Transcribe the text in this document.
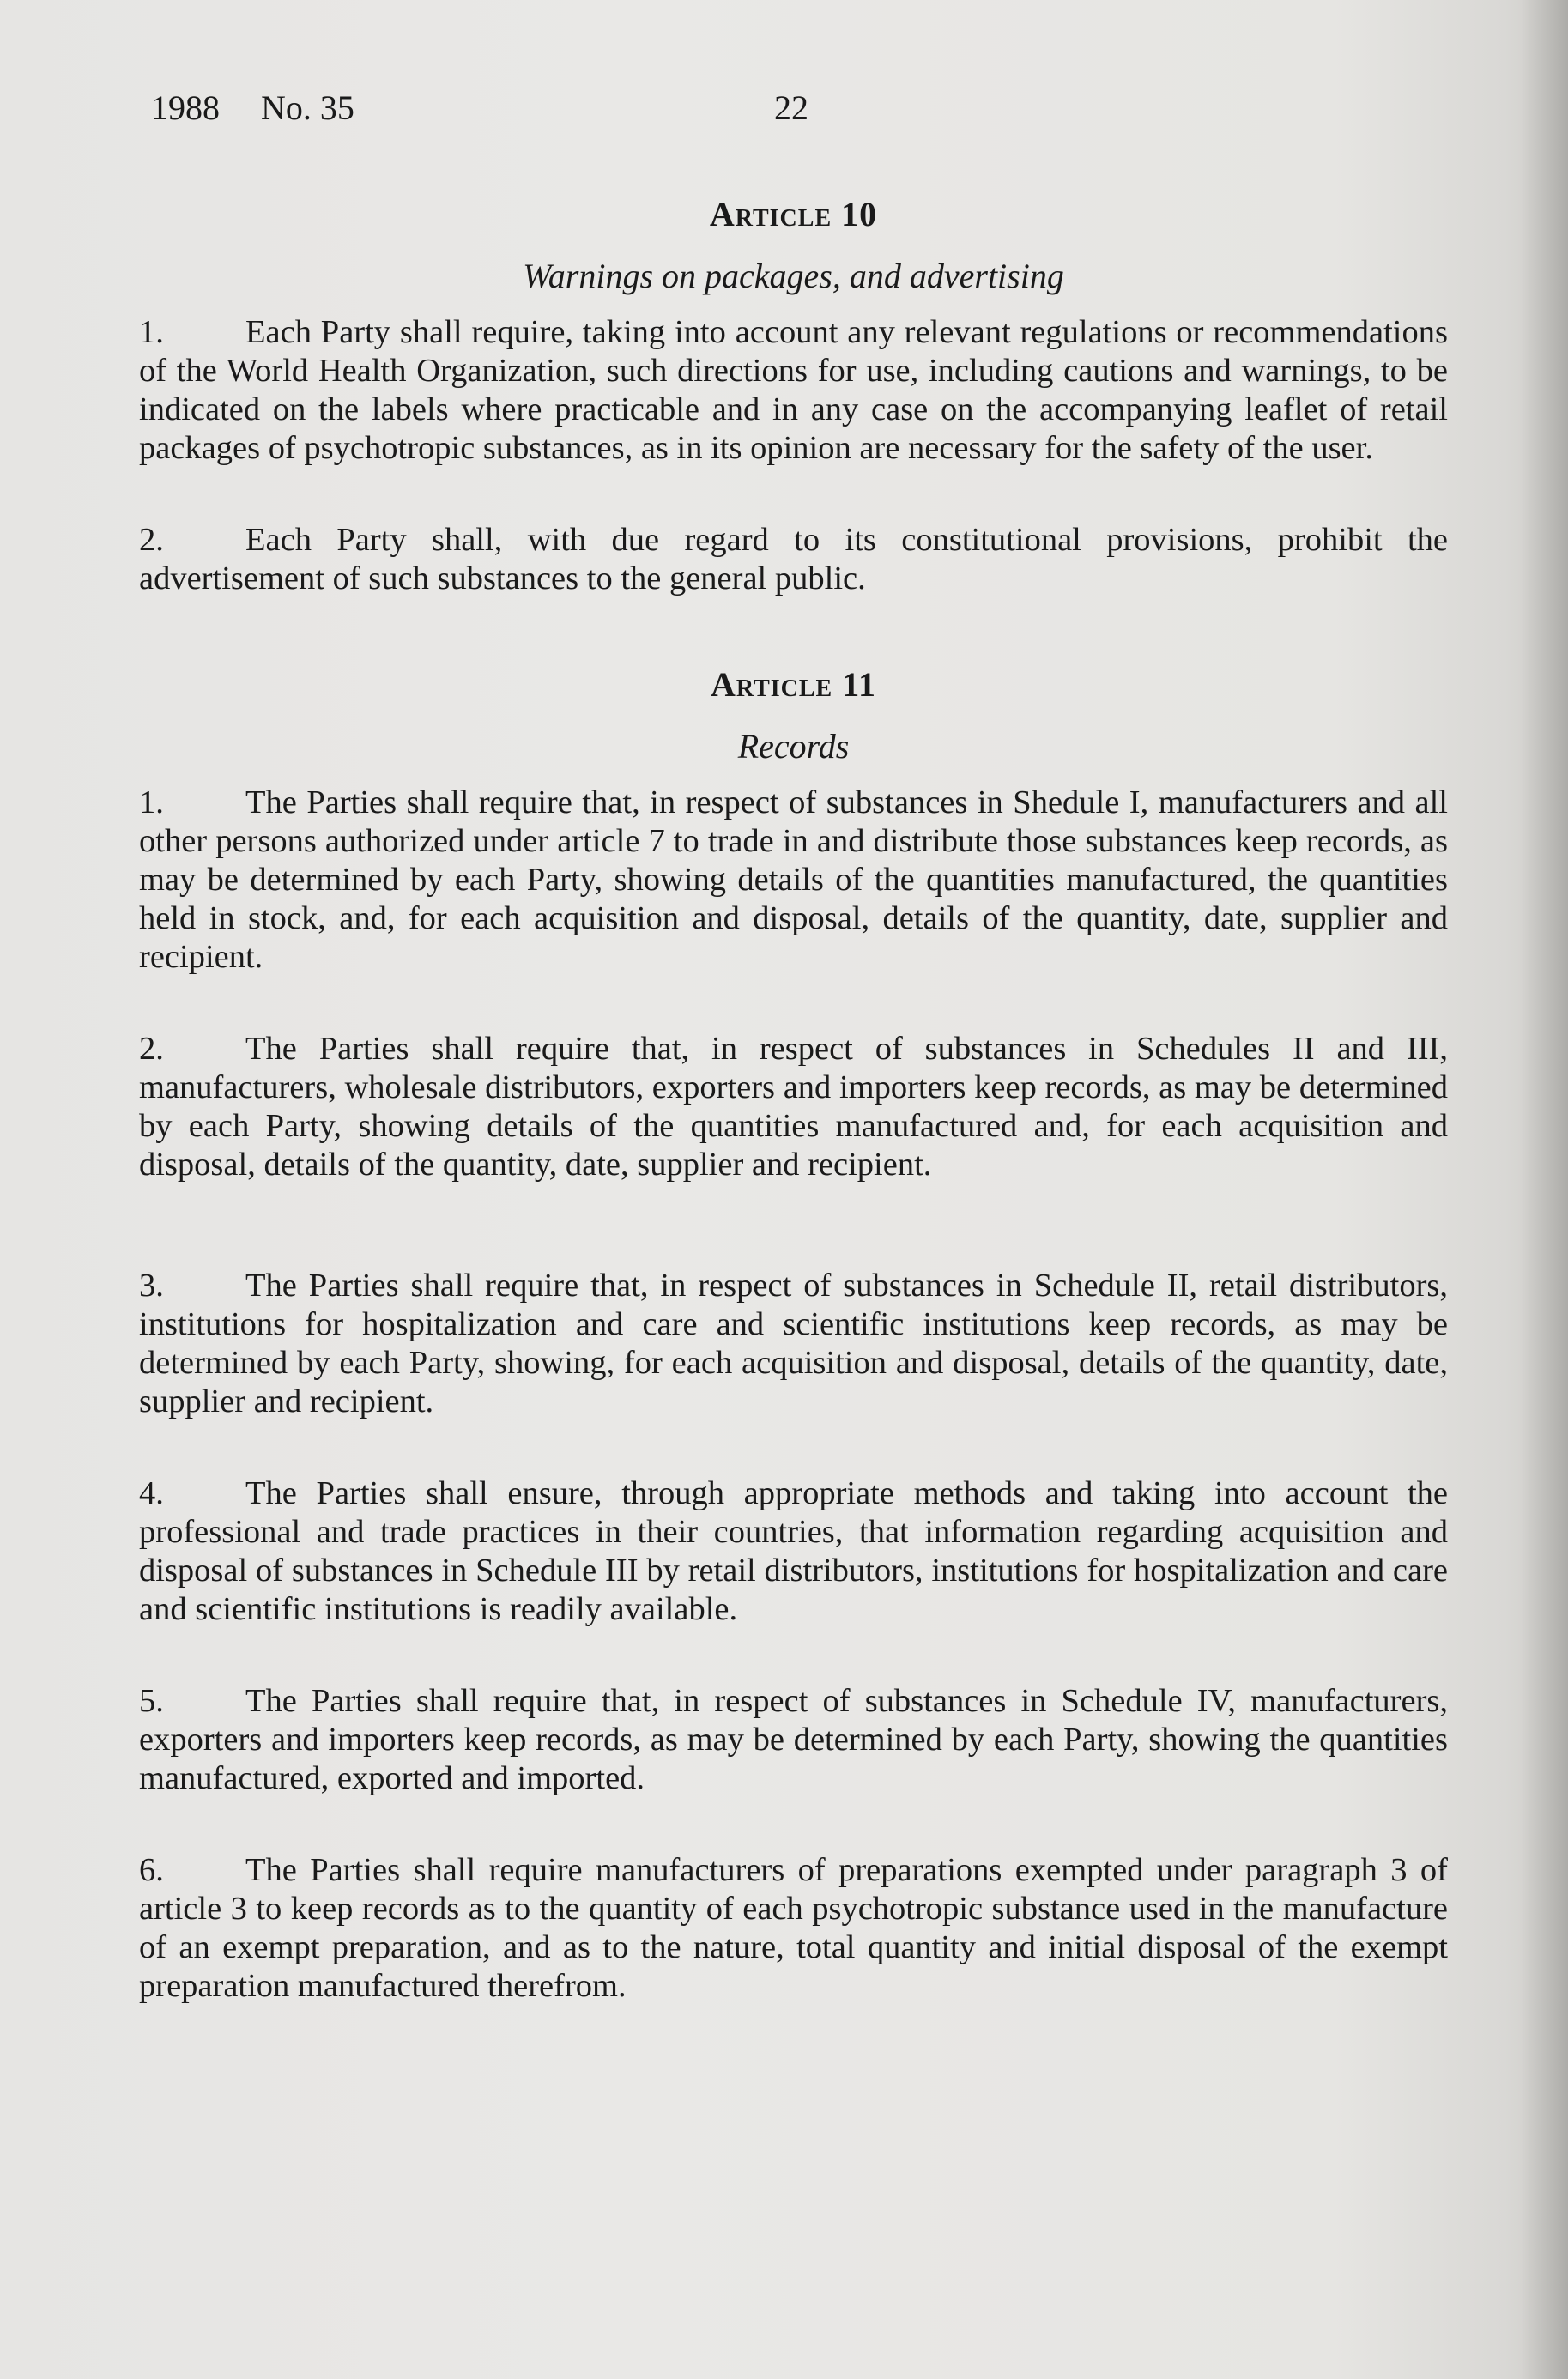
1988 No. 35	22
Article 10
Warnings on packages, and advertising

1. Each Party shall require, taking into account any relevant regulations or recommendations of the World Health Organization, such directions for use, including cautions and warnings, to be indicated on the labels where practicable and in any case on the accompanying leaflet of retail packages of psychotropic substances, as in its opinion are necessary for the safety of the user.

2. Each Party shall, with due regard to its constitutional provisions, prohibit the advertisement of such substances to the general public.

Article 11
Records

1. The Parties shall require that, in respect of substances in Shedule I, manufacturers and all other persons authorized under article 7 to trade in and distribute those substances keep records, as may be determined by each Party, showing details of the quantities manufactured, the quantities held in stock, and, for each acquisition and disposal, details of the quantity, date, supplier and recipient.

2. The Parties shall require that, in respect of substances in Schedules II and III, manufacturers, wholesale distributors, exporters and importers keep records, as may be determined by each Party, showing details of the quantities manufactured and, for each acquisition and disposal, details of the quantity, date, supplier and recipient.

3. The Parties shall require that, in respect of substances in Schedule II, retail distributors, institutions for hospitalization and care and scientific institutions keep records, as may be determined by each Party, showing, for each acquisition and disposal, details of the quantity, date, supplier and recipient.

4. The Parties shall ensure, through appropriate methods and taking into account the professional and trade practices in their countries, that information regarding acquisition and disposal of substances in Schedule III by retail distributors, institutions for hospitalization and care and scientific institutions is readily available.

5. The Parties shall require that, in respect of substances in Schedule IV, manufacturers, exporters and importers keep records, as may be determined by each Party, showing the quantities manufactured, exported and imported.

6. The Parties shall require manufacturers of preparations exempted under paragraph 3 of article 3 to keep records as to the quantity of each psychotropic substance used in the manufacture of an exempt preparation, and as to the nature, total quantity and initial disposal of the exempt preparation manufactured therefrom.
